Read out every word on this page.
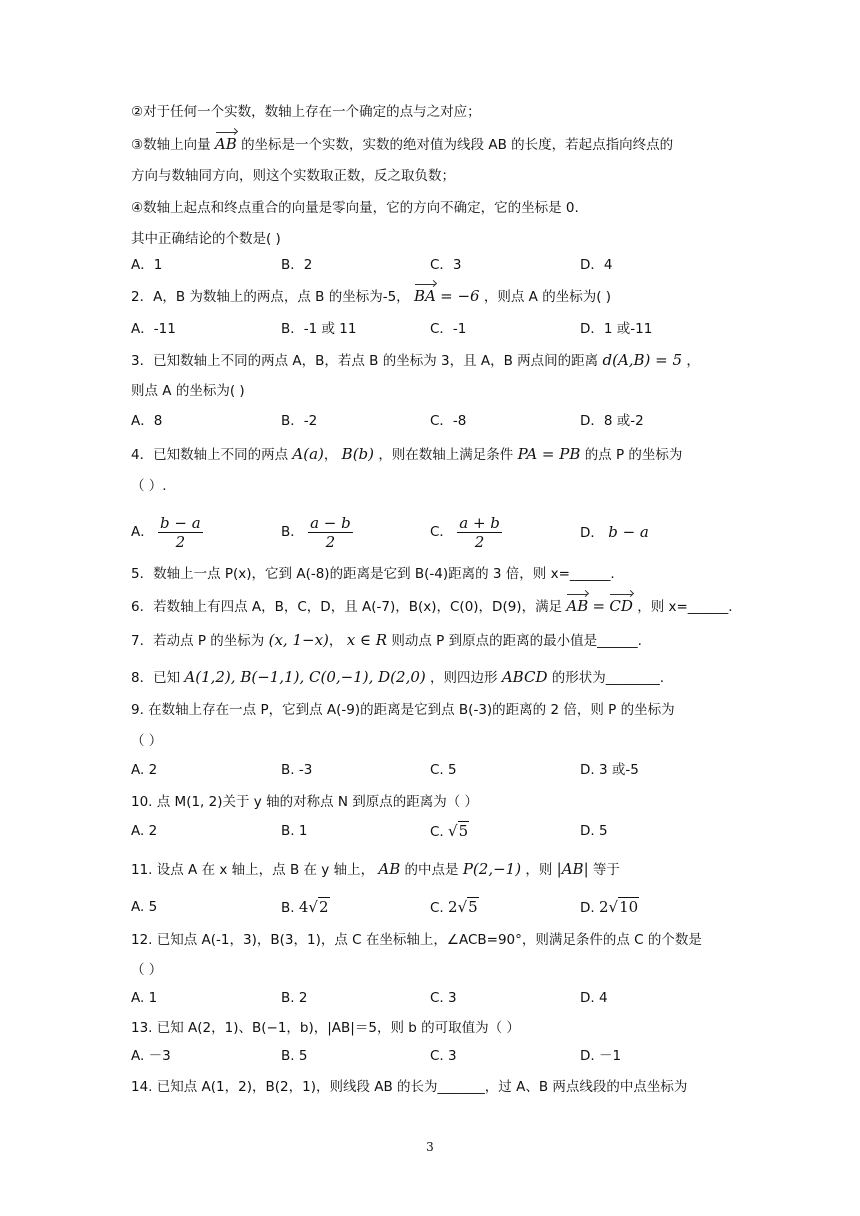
②对于任何一个实数，数轴上存在一个确定的点与之对应；
③数轴上向量 AB 的坐标是一个实数，实数的绝对值为线段 AB 的长度，若起点指向终点的
方向与数轴同方向，则这个实数取正数，反之取负数；
④数轴上起点和终点重合的向量是零向量，它的方向不确定，它的坐标是 0.
其中正确结论的个数是( )
A．1	B．2	C．3	D．4
2．A，B 为数轴上的两点，点 B 的坐标为-5， BA = −6 ，则点 A 的坐标为( )
A．-11	B．-1 或 11	C．-1	D．1 或-11
3．已知数轴上不同的两点 A，B，若点 B 的坐标为 3，且 A，B 两点间的距离 d(A,B) = 5 ，
则点 A 的坐标为( )
A．8	B．-2	C．-8	D．8 或-2
4．已知数轴上不同的两点 A(a)， B(b) ，则在数轴上满足条件 PA = PB 的点 P 的坐标为
（ ）.
A． $\frac{b - a}{2}$	B． $\frac{a - b}{2}$	C． $\frac{a + b}{2}$	D． b − a
5．数轴上一点 P(x)，它到 A(-8)的距离是它到 B(-4)距离的 3 倍，则 x=______.
6．若数轴上有四点 A，B，C，D，且 A(-7)，B(x)，C(0)，D(9)，满足 AB = CD ，则 x=______.
7．若动点 P 的坐标为 (x, 1−x)， x ∈ R 则动点 P 到原点的距离的最小值是______.
8．已知 A(1,2), B(−1,1), C(0,−1), D(2,0) ，则四边形 ABCD 的形状为________.
9. 在数轴上存在一点 P，它到点 A(-9)的距离是它到点 B(-3)的距离的 2 倍，则 P 的坐标为
（ ）
A. 2	B. -3	C. 5	D. 3 或-5
10. 点 M(1, 2)关于 y 轴的对称点 N 到原点的距离为（ ）
A. 2	B. 1	C. √5	D. 5
11. 设点 A 在 x 轴上，点 B 在 y 轴上， AB 的中点是 P(2,−1) ，则 |AB| 等于
A. 5	B. 4√2	C. 2√5	D. 2√10
12. 已知点 A(-1，3)，B(3，1)，点 C 在坐标轴上，∠ACB=90°，则满足条件的点 C 的个数是
（ ）
A. 1	B. 2	C. 3	D. 4
13. 已知 A(2，1)、B(−1，b)，|AB|＝5，则 b 的可取值为（ ）
A. －3	B. 5	C. 3	D. －1
14. 已知点 A(1，2)，B(2，1)，则线段 AB 的长为_______，过 A、B 两点线段的中点坐标为
3
